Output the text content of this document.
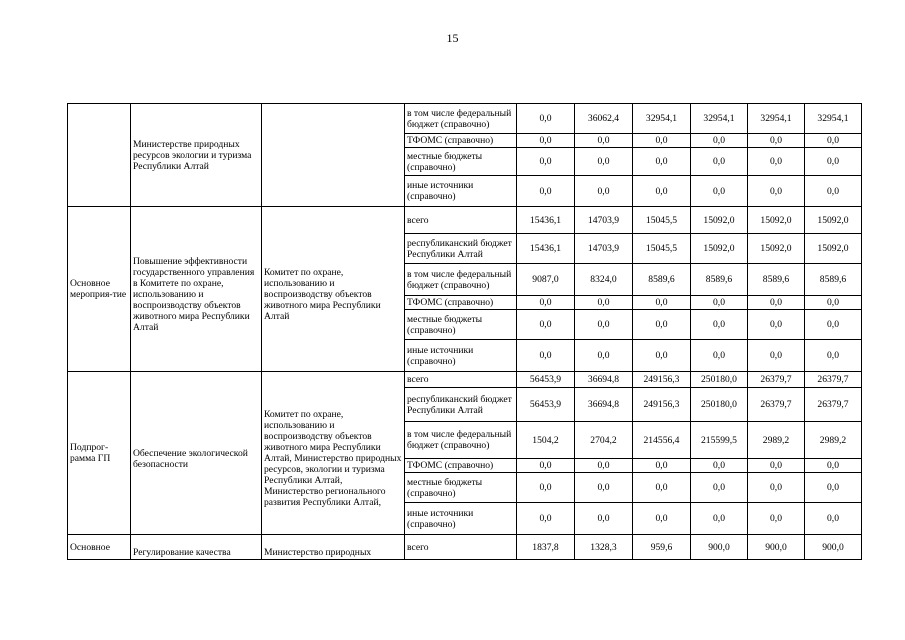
15
	Министерстве природных ресурсов экологии и туризма Республики Алтай		в том числе федеральный бюджет (справочно)	0,0	36062,4	32954,1	32954,1	32954,1	32954,1
			ТФОМС (справочно)	0,0	0,0	0,0	0,0	0,0	0,0
			местные бюджеты (справочно)	0,0	0,0	0,0	0,0	0,0	0,0
			иные источники (справочно)	0,0	0,0	0,0	0,0	0,0	0,0
Основное мероприя-тие	Повышение эффективности государственного управления в Комитете по охране, использованию и воспроизводству объектов животного мира Республики Алтай	Комитет по охране, использованию и воспроизводству объектов животного мира Республики Алтай	всего	15436,1	14703,9	15045,5	15092,0	15092,0	15092,0
			республиканский бюджет Республики Алтай	15436,1	14703,9	15045,5	15092,0	15092,0	15092,0
			в том числе федеральный бюджет (справочно)	9087,0	8324,0	8589,6	8589,6	8589,6	8589,6
			ТФОМС (справочно)	0,0	0,0	0,0	0,0	0,0	0,0
			местные бюджеты (справочно)	0,0	0,0	0,0	0,0	0,0	0,0
			иные источники (справочно)	0,0	0,0	0,0	0,0	0,0	0,0
Подпрог-рамма ГП	Обеспечение экологической безопасности	Комитет по охране, использованию и воспроизводству объектов животного мира Республики Алтай, Министерство природных ресурсов, экологии и туризма Республики Алтай, Министерство регионального развития Республики Алтай,	всего	56453,9	36694,8	249156,3	250180,0	26379,7	26379,7
			республиканский бюджет Республики Алтай	56453,9	36694,8	249156,3	250180,0	26379,7	26379,7
			в том числе федеральный бюджет (справочно)	1504,2	2704,2	214556,4	215599,5	2989,2	2989,2
			ТФОМС (справочно)	0,0	0,0	0,0	0,0	0,0	0,0
			местные бюджеты (справочно)	0,0	0,0	0,0	0,0	0,0	0,0
			иные источники (справочно)	0,0	0,0	0,0	0,0	0,0	0,0
Основное	Регулирование качества	Министерство природных	всего	1837,8	1328,3	959,6	900,0	900,0	900,0
